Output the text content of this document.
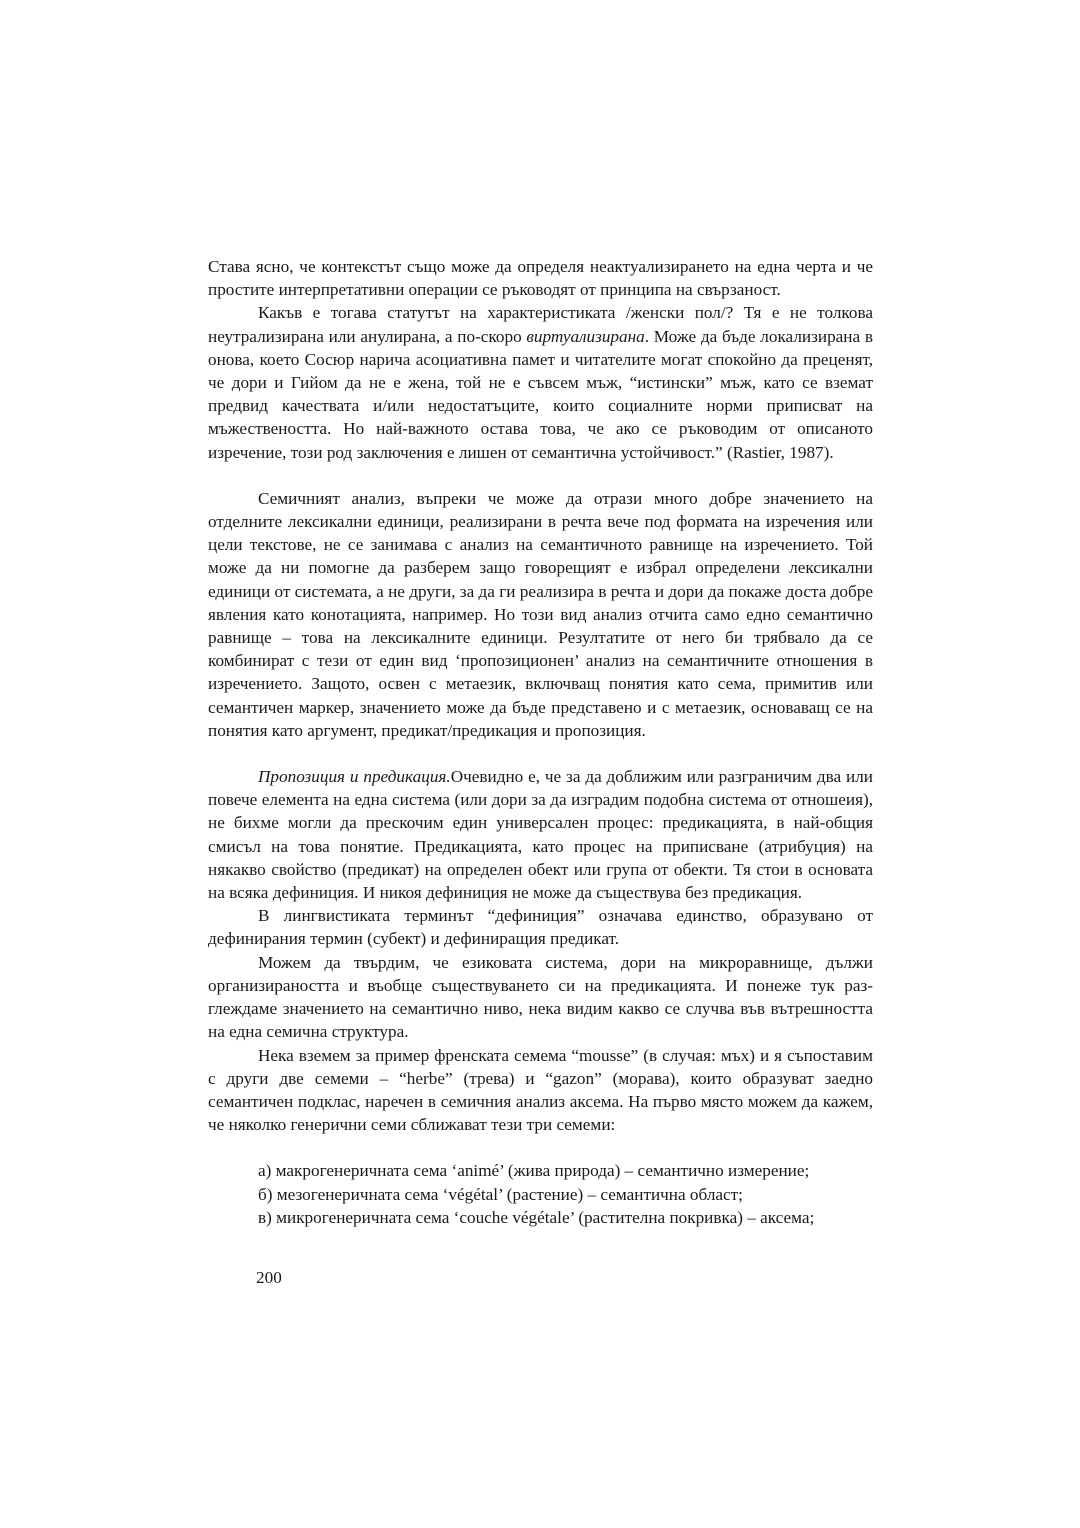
Става ясно, че контекстът също може да определя неактуализирането на една черта и че простите интерпретативни операции се ръководят от принципа на свързаност.

Какъв е тогава статутът на характеристиката /женски пол/? Тя е не толкова неутрализирана или анулирана, а по-скоро виртуализирана. Може да бъде локализирана в онова, което Сосюр нарича асоциативна памет и читателите могат спокойно да преценят, че дори и Гийом да не е жена, той не е съвсем мъж, “истински” мъж, като се вземат предвид качествата и/или недостатъците, които социалните норми приписват на мъжествеността. Но най-важното остава това, че ако се ръководим от описаното изречение, този род заключения е лишен от семантична устойчивост.” (Rastier, 1987).

Семичният анализ, въпреки че може да отрази много добре значението на отделните лексикални единици, реализирани в речта вече под формата на изречения или цели текстове, не се занимава с анализ на семантичното равнище на изречението. Той може да ни помогне да разберем защо говорещият е избрал определени лексикални единици от системата, а не други, за да ги реализира в речта и дори да покаже доста добре явления като конотацията, например. Но този вид анализ отчита само едно семантично равнище – това на лексикалните единици. Резултатите от него би трябвало да се комбинират с тези от един вид ‘пропозиционен’ анализ на семантичните отношения в изречението. Защото, освен с метаезик, включващ понятия като сема, примитив или семантичен маркер, значението може да бъде представено и с метаезик, основаващ се на понятия като аргумент, предикат/предикация и пропозиция.

Пропозиция и предикация.Очевидно е, че за да доближим или разграничим два или повече елемента на една система (или дори за да изградим подобна система от отношеия), не бихме могли да прескочим един универсален процес: предикацията, в най-общия смисъл на това понятие. Предикацията, като процес на приписване (атрибуция) на някакво свойство (предикат) на определен обект или група от обекти. Тя стои в основата на всяка дефиниция. И никоя дефиниция не може да съществува без предикация.

В лингвистиката терминът “дефиниция” означава единство, образувано от дефинирания термин (субект) и дефиниращия предикат.

Можем да твърдим, че езиковата система, дори на микроравнище, дължи организираността и въобще съществуването си на предикацията. И понеже тук разглеждаме значението на семантично ниво, нека видим какво се случва във вътрешността на една семична структура.

Нека вземем за пример френската семема “mousse” (в случая: мъх) и я съпоставим с други две семеми – “herbe” (трева) и “gazon” (морава), които образуват заедно семантичен подклас, наречен в семичния анализ аксема. На първо място можем да кажем, че няколко генерични семи сближават тези три семеми:

а) макрогенеричната сема ‘animé’ (жива природа) – семантично измерение;
б) мезогенеричната сема ‘végétal’ (растение) – семантична област;
в) микрогенеричната сема ‘couche végétale’ (растителна покривка) – аксема;
200
